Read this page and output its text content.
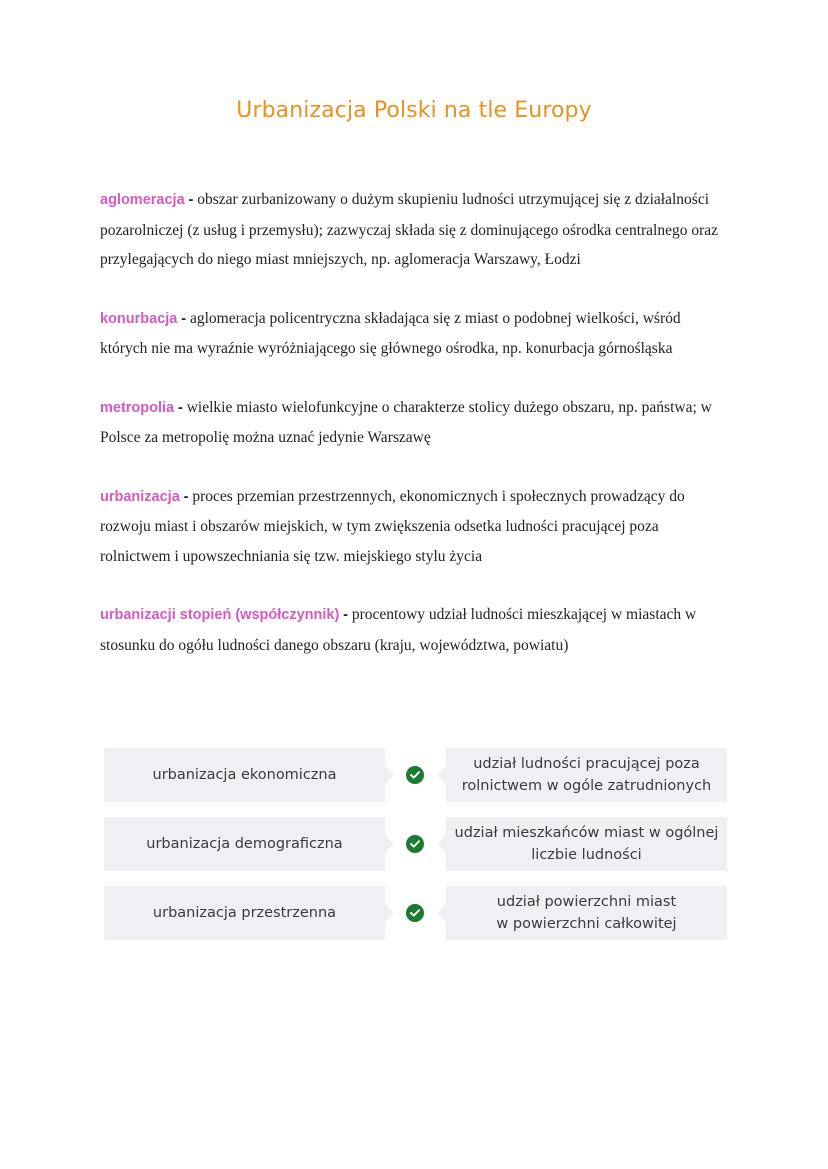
Urbanizacja Polski na tle Europy

aglomeracja - obszar zurbanizowany o dużym skupieniu ludności utrzymującej się z działalności pozarolniczej (z usług i przemysłu); zazwyczaj składa się z dominującego ośrodka centralnego oraz przylegających do niego miast mniejszych, np. aglomeracja Warszawy, Łodzi

konurbacja - aglomeracja policentryczna składająca się z miast o podobnej wielkości, wśród których nie ma wyraźnie wyróżniającego się głównego ośrodka, np. konurbacja górnośląska

metropolia - wielkie miasto wielofunkcyjne o charakterze stolicy dużego obszaru, np. państwa; w Polsce za metropolię można uznać jedynie Warszawę

urbanizacja - proces przemian przestrzennych, ekonomicznych i społecznych prowadzący do rozwoju miast i obszarów miejskich, w tym zwiększenia odsetka ludności pracującej poza rolnictwem i upowszechniania się tzw. miejskiego stylu życia

urbanizacji stopień (współczynnik) - procentowy udział ludności mieszkającej w miastach w stosunku do ogółu ludności danego obszaru (kraju, województwa, powiatu)

urbanizacja ekonomiczna
udział ludności pracującej poza
rolnictwem w ogóle zatrudnionych
urbanizacja demograficzna
udział mieszkańców miast w ogólnej
liczbie ludności
urbanizacja przestrzenna
udział powierzchni miast
w powierzchni całkowitej
